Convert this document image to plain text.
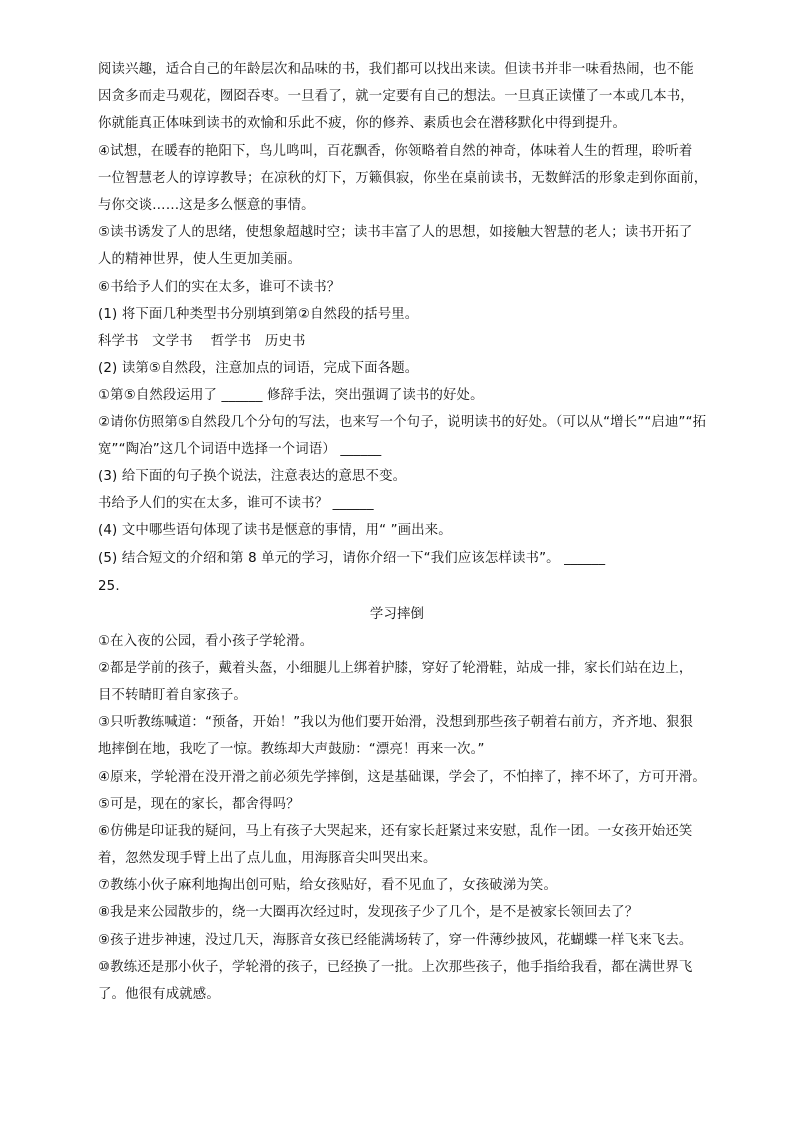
阅读兴趣，适合自己的年龄层次和品味的书，我们都可以找出来读。但读书并非一味看热闹，也不能
因贪多而走马观花，囫囵吞枣。一旦看了，就一定要有自己的想法。一旦真正读懂了一本或几本书，
你就能真正体味到读书的欢愉和乐此不疲，你的修养、素质也会在潜移默化中得到提升。
④试想，在暖春的艳阳下，鸟儿鸣叫，百花飘香，你领略着自然的神奇，体味着人生的哲理，聆听着
一位智慧老人的谆谆教导；在凉秋的灯下，万籁俱寂，你坐在桌前读书，无数鲜活的形象走到你面前，
与你交谈……这是多么惬意的事情。
⑤读书诱发了人的思绪，使想象超越时空；读书丰富了人的思想，如接触大智慧的老人；读书开拓了
人的精神世界，使人生更加美丽。
⑥书给予人们的实在太多，谁可不读书？
(1) 将下面几种类型书分别填到第②自然段的括号里。
科学书　文学书　 哲学书　历史书
(2) 读第⑤自然段，注意加点的词语，完成下面各题。
①第⑤自然段运用了 ______ 修辞手法，突出强调了读书的好处。
②请你仿照第⑤自然段几个分句的写法，也来写一个句子，说明读书的好处。（可以从“增长”“启迪”“拓
宽”“陶冶”这几个词语中选择一个词语） ______
(3) 给下面的句子换个说法，注意表达的意思不变。
书给予人们的实在太多，谁可不读书？ ______
(4) 文中哪些语句体现了读书是惬意的事情，用“ ”画出来。
(5) 结合短文的介绍和第 8 单元的学习，请你介绍一下“我们应该怎样读书”。 ______
25.
学习摔倒
①在入夜的公园，看小孩子学轮滑。
②都是学前的孩子，戴着头盔，小细腿儿上绑着护膝，穿好了轮滑鞋，站成一排，家长们站在边上，
目不转睛盯着自家孩子。
③只听教练喊道：“预备，开始！”我以为他们要开始滑，没想到那些孩子朝着右前方，齐齐地、狠狠
地摔倒在地，我吃了一惊。教练却大声鼓励：“漂亮！再来一次。”
④原来，学轮滑在没开滑之前必须先学摔倒，这是基础课，学会了，不怕摔了，摔不坏了，方可开滑。
⑤可是，现在的家长，都舍得吗？
⑥仿佛是印证我的疑问，马上有孩子大哭起来，还有家长赶紧过来安慰，乱作一团。一女孩开始还笑
着，忽然发现手臂上出了点儿血，用海豚音尖叫哭出来。
⑦教练小伙子麻利地掏出创可贴，给女孩贴好，看不见血了，女孩破涕为笑。
⑧我是来公园散步的，绕一大圈再次经过时，发现孩子少了几个，是不是被家长领回去了？
⑨孩子进步神速，没过几天，海豚音女孩已经能满场转了，穿一件薄纱披风，花蝴蝶一样飞来飞去。
⑩教练还是那小伙子，学轮滑的孩子，已经换了一批。上次那些孩子，他手指给我看，都在满世界飞
了。他很有成就感。
